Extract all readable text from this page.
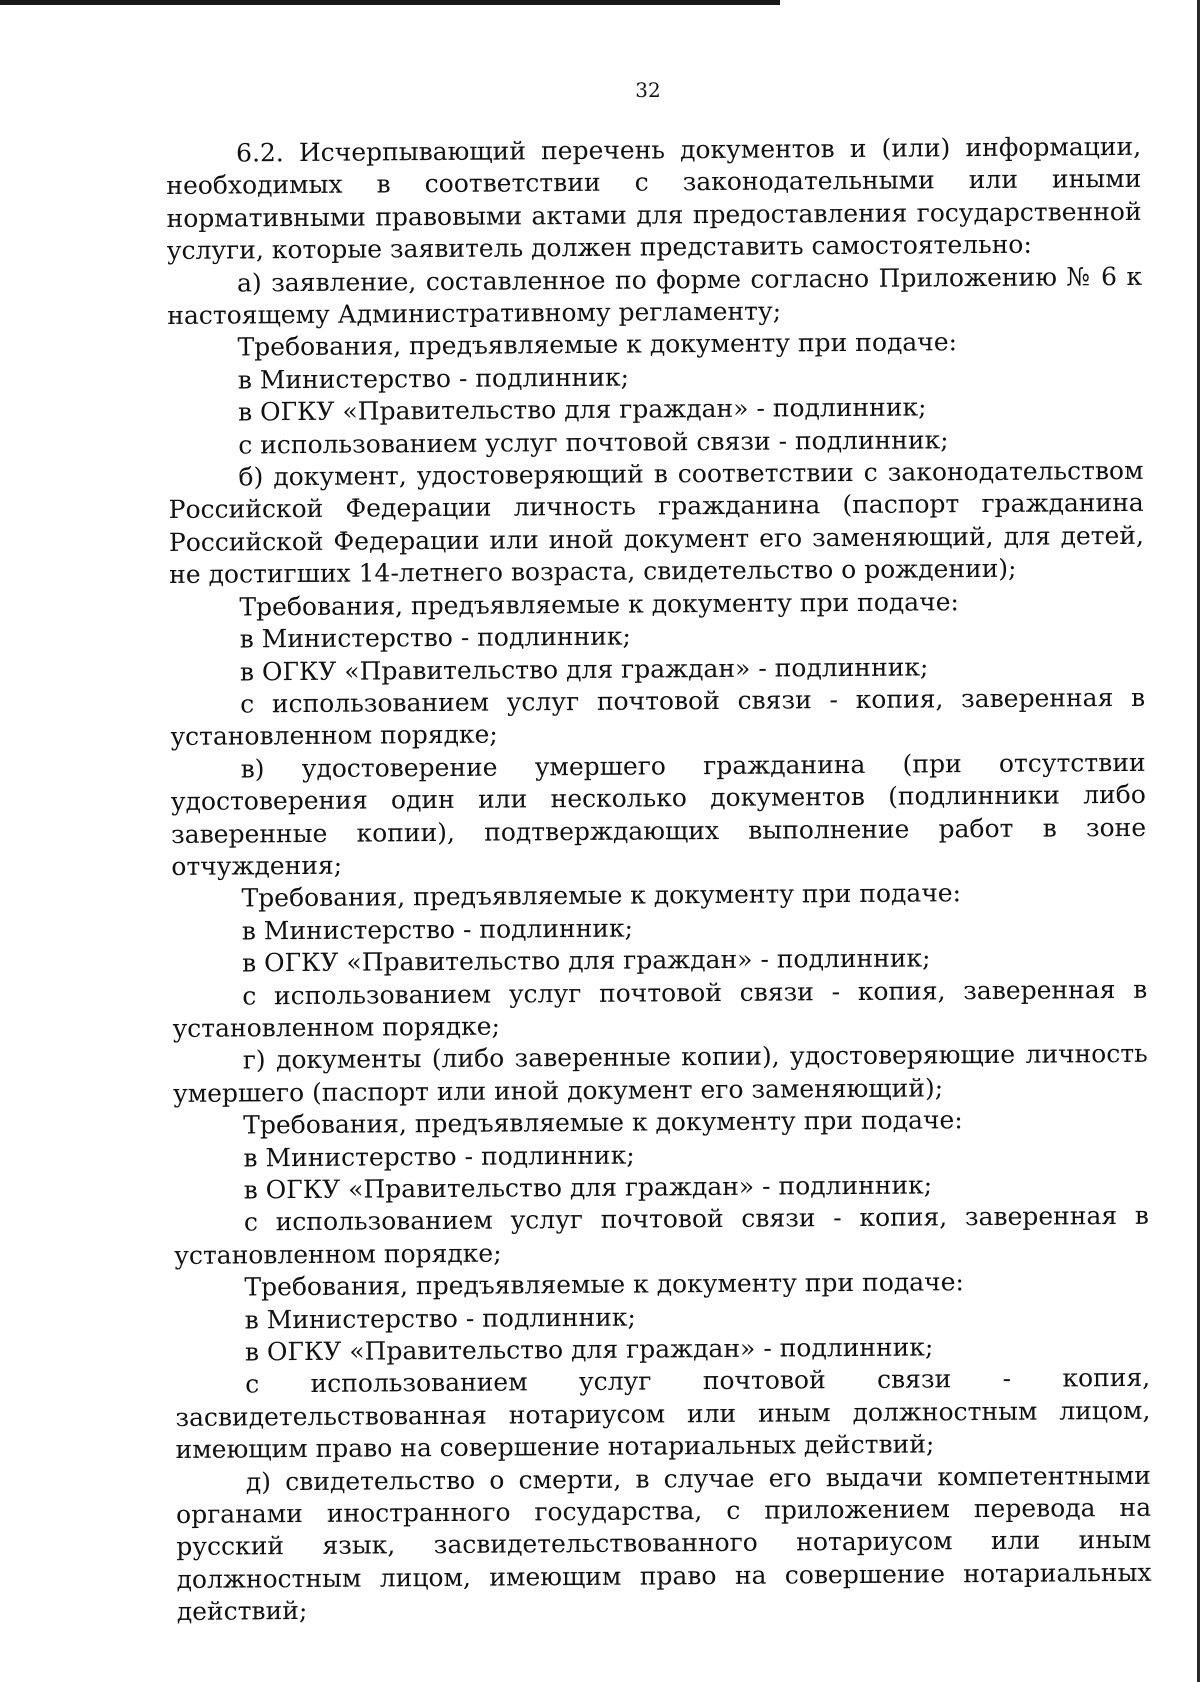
32

6.2. Исчерпывающий перечень документов и (или) информации, необходимых в соответствии с законодательными или иными нормативными правовыми актами для предоставления государственной услуги, которые заявитель должен представить самостоятельно:

а) заявление, составленное по форме согласно Приложению № 6 к настоящему Административному регламенту;

Требования, предъявляемые к документу при подаче:

в Министерство - подлинник;

в ОГКУ «Правительство для граждан» - подлинник;

с использованием услуг почтовой связи - подлинник;

б) документ, удостоверяющий в соответствии с законодательством Российской Федерации личность гражданина (паспорт гражданина Российской Федерации или иной документ его заменяющий, для детей, не достигших 14-летнего возраста, свидетельство о рождении);

Требования, предъявляемые к документу при подаче:

в Министерство - подлинник;

в ОГКУ «Правительство для граждан» - подлинник;

с использованием услуг почтовой связи - копия, заверенная в установленном порядке;

в) удостоверение умершего гражданина (при отсутствии удостоверения один или несколько документов (подлинники либо заверенные копии), подтверждающих выполнение работ в зоне отчуждения;

Требования, предъявляемые к документу при подаче:

в Министерство - подлинник;

в ОГКУ «Правительство для граждан» - подлинник;

с использованием услуг почтовой связи - копия, заверенная в установленном порядке;

г) документы (либо заверенные копии), удостоверяющие личность умершего (паспорт или иной документ его заменяющий);

Требования, предъявляемые к документу при подаче:

в Министерство - подлинник;

в ОГКУ «Правительство для граждан» - подлинник;

с использованием услуг почтовой связи - копия, заверенная в установленном порядке;

Требования, предъявляемые к документу при подаче:

в Министерство - подлинник;

в ОГКУ «Правительство для граждан» - подлинник;

с использованием услуг почтовой связи - копия, засвидетельствованная нотариусом или иным должностным лицом, имеющим право на совершение нотариальных действий;

д) свидетельство о смерти, в случае его выдачи компетентными органами иностранного государства, с приложением перевода на русский язык, засвидетельствованного нотариусом или иным должностным лицом, имеющим право на совершение нотариальных действий;
